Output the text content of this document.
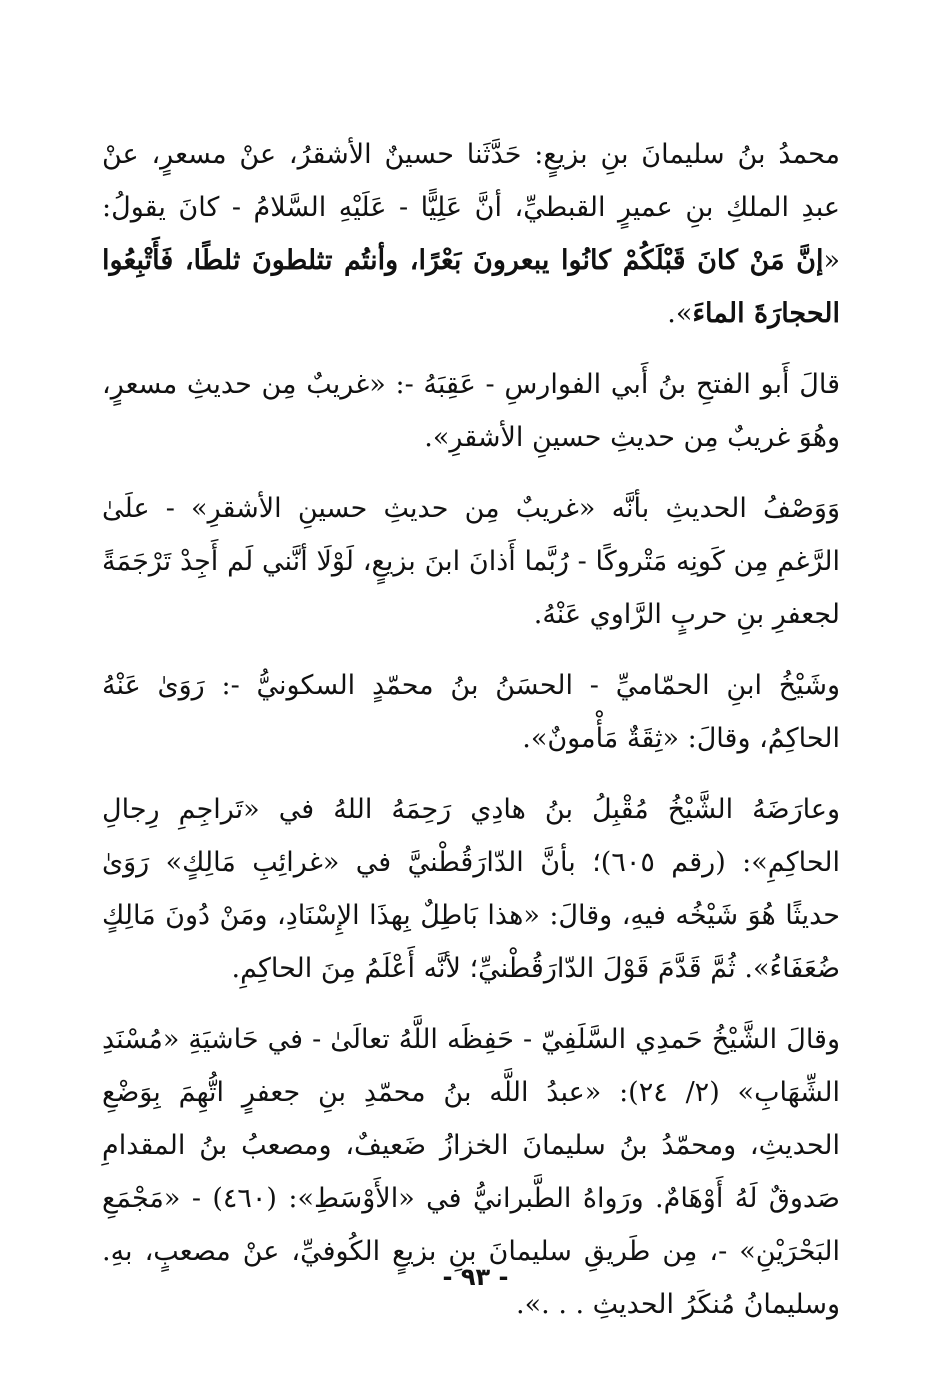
محمدُ بنُ سليمانَ بنِ بزيعٍ: حَدَّثَنا حسينٌ الأشقرُ، عنْ مسعرٍ، عنْ عبدِ الملكِ بنِ عميرٍ القبطيِّ، أنَّ عَلِيًّا - عَلَيْهِ السَّلامُ - كانَ يقولُ: «إنَّ مَنْ كانَ قَبْلَكُمْ كانُوا يبعرونَ بَعْرًا، وأنتُم تثلطونَ ثلطًا، فَأَتْبِعُوا الحجارَةَ الماءَ».

قالَ أَبو الفتحِ بنُ أَبي الفوارسِ - عَقِبَهُ -: «غريبٌ مِن حديثِ مسعرٍ، وهُوَ غريبٌ مِن حديثِ حسينِ الأشقرِ».

وَوَصْفُ الحديثِ بأنَّه «غريبٌ مِن حديثِ حسينِ الأشقرِ» - علَىٰ الرَّغمِ مِن كَونِه مَتْروكًا - رُبَّما أَذانَ ابنَ بزيعٍ، لَوْلَا أنَّني لَم أَجِدْ تَرْجَمَةً لجعفرِ بنِ حربٍ الرَّاوي عَنْهُ.

وشَيْخُ ابنِ الحمّاميِّ - الحسَنُ بنُ محمّدٍ السكونيُّ -: رَوَىٰ عَنْهُ الحاكِمُ، وقالَ: «ثِقَةٌ مَأْمونٌ».

وعارَضَهُ الشَّيْخُ مُقْبِلُ بنُ هادِي رَحِمَهُ اللهُ في «تَراجِمِ رِجالِ الحاكِمِ»: (رقم ٦٠٥)؛ بأنَّ الدّارَقُطْنيَّ في «غرائِبِ مَالِكٍ» رَوَىٰ حديثًا هُوَ شَيْخُه فيهِ، وقالَ: «هذا بَاطِلٌ بِهذَا الإِسْنَادِ، ومَنْ دُونَ مَالِكٍ ضُعَفَاءُ». ثُمَّ قَدَّمَ قَوْلَ الدّارَقُطْنيِّ؛ لأنَّه أَعْلَمُ مِنَ الحاكِمِ.

وقالَ الشَّيْخُ حَمدِي السَّلَفِيّ - حَفِظَه اللَّهُ تعالَىٰ - في حَاشيَةِ «مُسْنَدِ الشِّهَابِ» (٢/ ٢٤): «عبدُ اللَّه بنُ محمّدِ بنِ جعفرٍ اتُّهِمَ بِوَضْعِ الحديثِ، ومحمّدُ بنُ سليمانَ الخزازُ ضَعيفٌ، ومصعبُ بنُ المقدامِ صَدوقٌ لَهُ أَوْهَامٌ. ورَواهُ الطَّبرانيُّ في «الأَوْسَطِ»: (٤٦٠) - «مَجْمَعِ البَحْرَيْنِ» -، مِن طَريقِ سليمانَ بنِ بزيعٍ الكُوفيِّ، عنْ مصعبٍ، بهِ. وسليمانُ مُنكَرُ الحديثِ . . .».

- ٩٣ -
